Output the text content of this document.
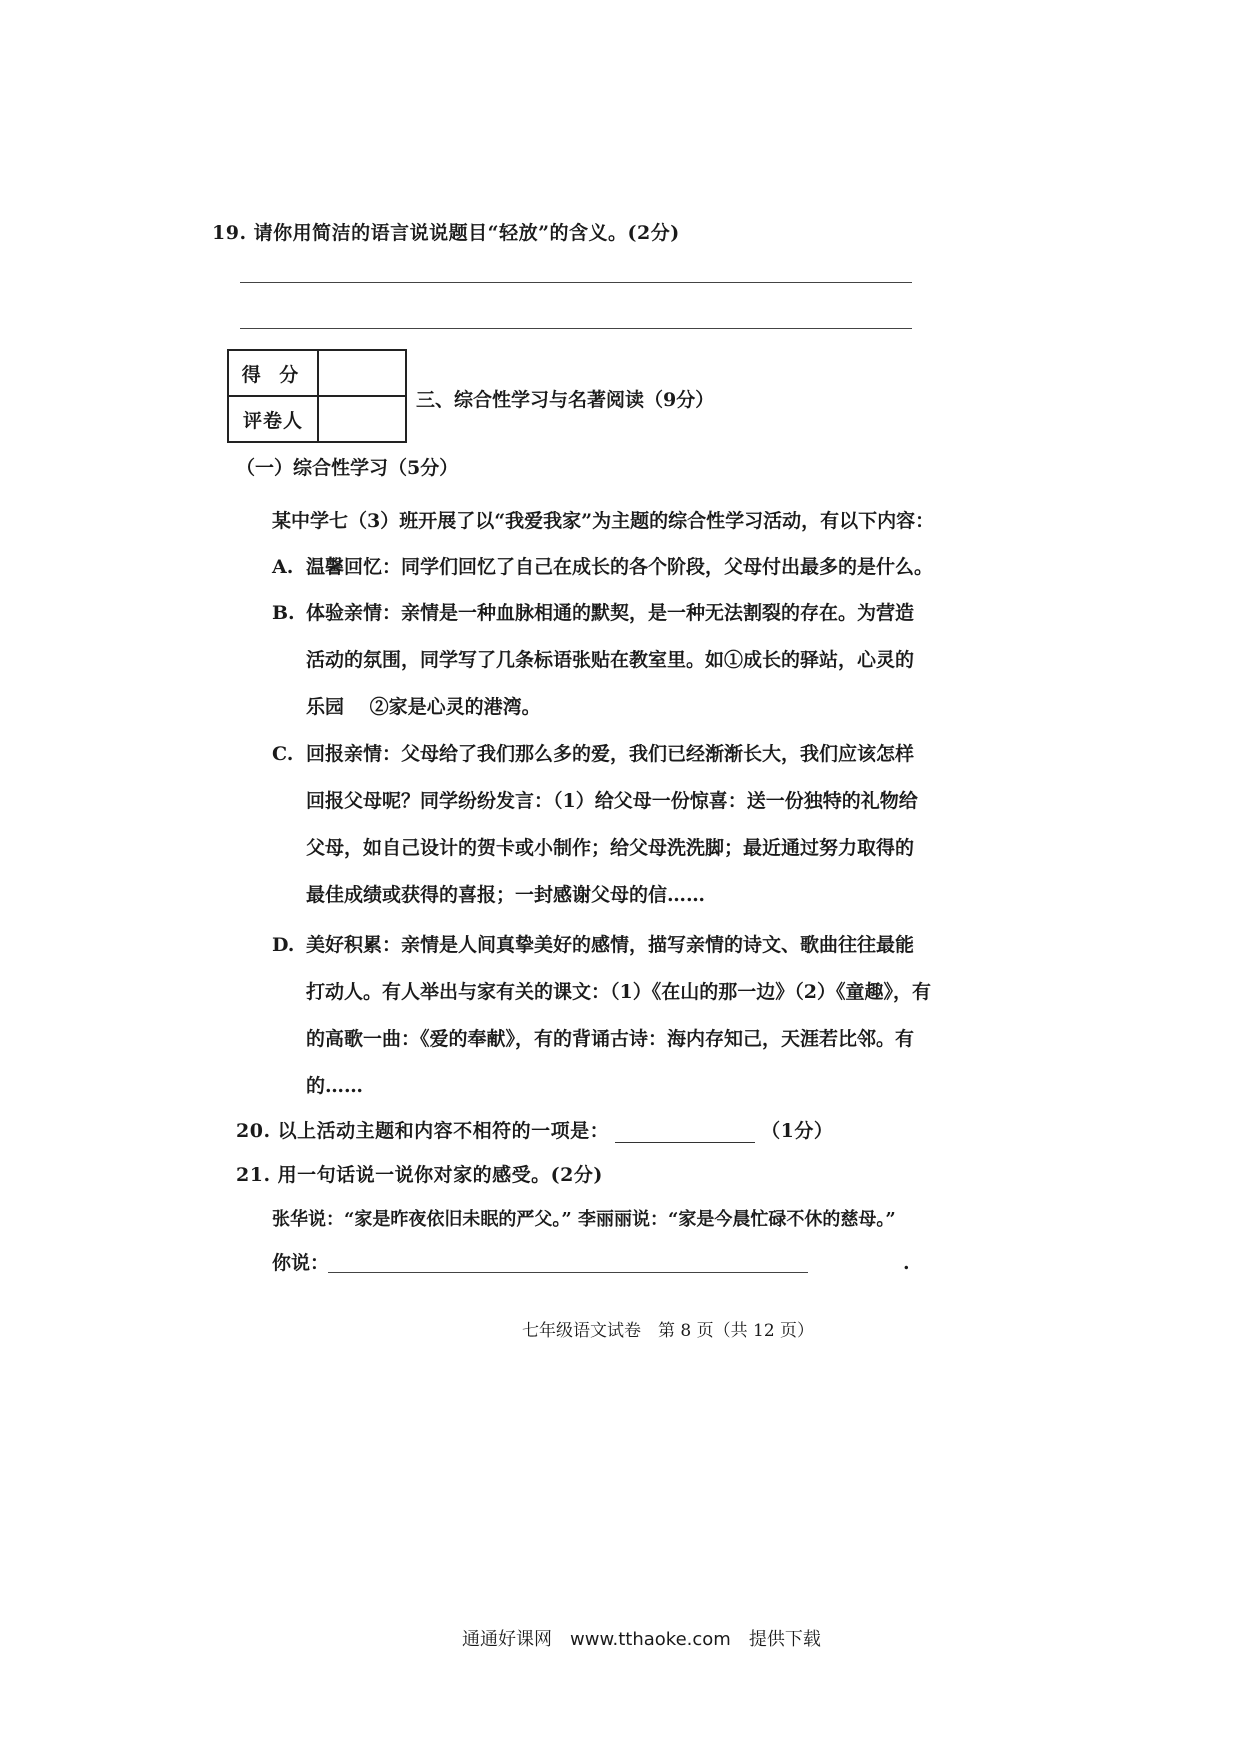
19. 请你用简洁的语言说说题目“轻放”的含义。(2分)
得 分	
评卷人	
三、综合性学习与名著阅读（9分）
（一）综合性学习（5分）
某中学七（3）班开展了以“我爱我家”为主题的综合性学习活动，有以下内容：
A. 温馨回忆：同学们回忆了自己在成长的各个阶段，父母付出最多的是什么。
B. 体验亲情：亲情是一种血脉相通的默契，是一种无法割裂的存在。为营造
活动的氛围，同学写了几条标语张贴在教室里。如①成长的驿站，心灵的
乐园　 ②家是心灵的港湾。
C. 回报亲情：父母给了我们那么多的爱，我们已经渐渐长大，我们应该怎样
回报父母呢？同学纷纷发言：（1）给父母一份惊喜：送一份独特的礼物给
父母，如自己设计的贺卡或小制作；给父母洗洗脚；最近通过努力取得的
最佳成绩或获得的喜报；一封感谢父母的信……
D. 美好积累：亲情是人间真挚美好的感情，描写亲情的诗文、歌曲往往最能
打动人。有人举出与家有关的课文：（1）《在山的那一边》（2）《童趣》，有
的高歌一曲：《爱的奉献》，有的背诵古诗：海内存知己，天涯若比邻。有
的……
20. 以上活动主题和内容不相符的一项是：	（1分）
21. 用一句话说一说你对家的感受。(2分)
张华说：“家是昨夜依旧未眠的严父。” 李丽丽说：“家是今晨忙碌不休的慈母。”
你说：	.
七年级语文试卷　第 8 页（共 12 页）
通通好课网　www.tthaoke.com　提供下载
